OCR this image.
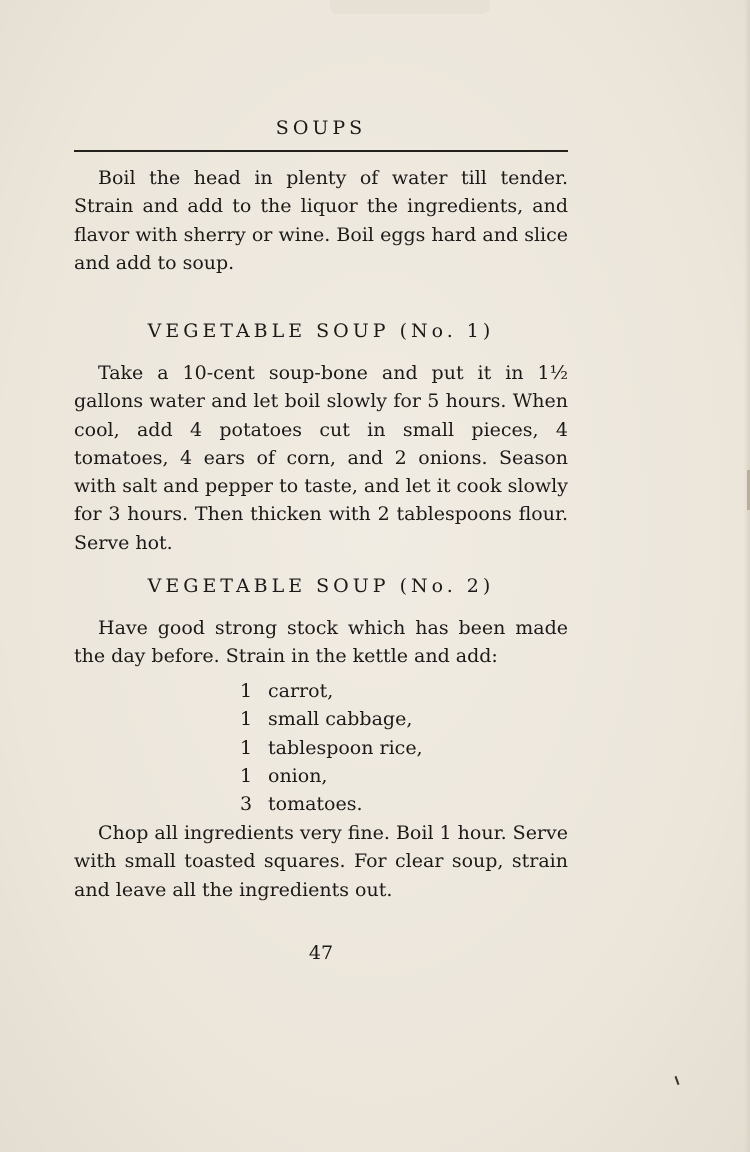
SOUPS

Boil the head in plenty of water till tender. Strain and add to the liquor the ingredients, and flavor with sherry or wine. Boil eggs hard and slice and add to soup.

VEGETABLE SOUP (No. 1)

Take a 10-cent soup-bone and put it in 1½ gallons water and let boil slowly for 5 hours. When cool, add 4 potatoes cut in small pieces, 4 tomatoes, 4 ears of corn, and 2 onions. Season with salt and pepper to taste, and let it cook slowly for 3 hours. Then thicken with 2 tablespoons flour. Serve hot.

VEGETABLE SOUP (No. 2)

Have good strong stock which has been made the day before. Strain in the kettle and add:

1 carrot,
1 small cabbage,
1 tablespoon rice,
1 onion,
3 tomatoes.

Chop all ingredients very fine. Boil 1 hour. Serve with small toasted squares. For clear soup, strain and leave all the ingredients out.

47
